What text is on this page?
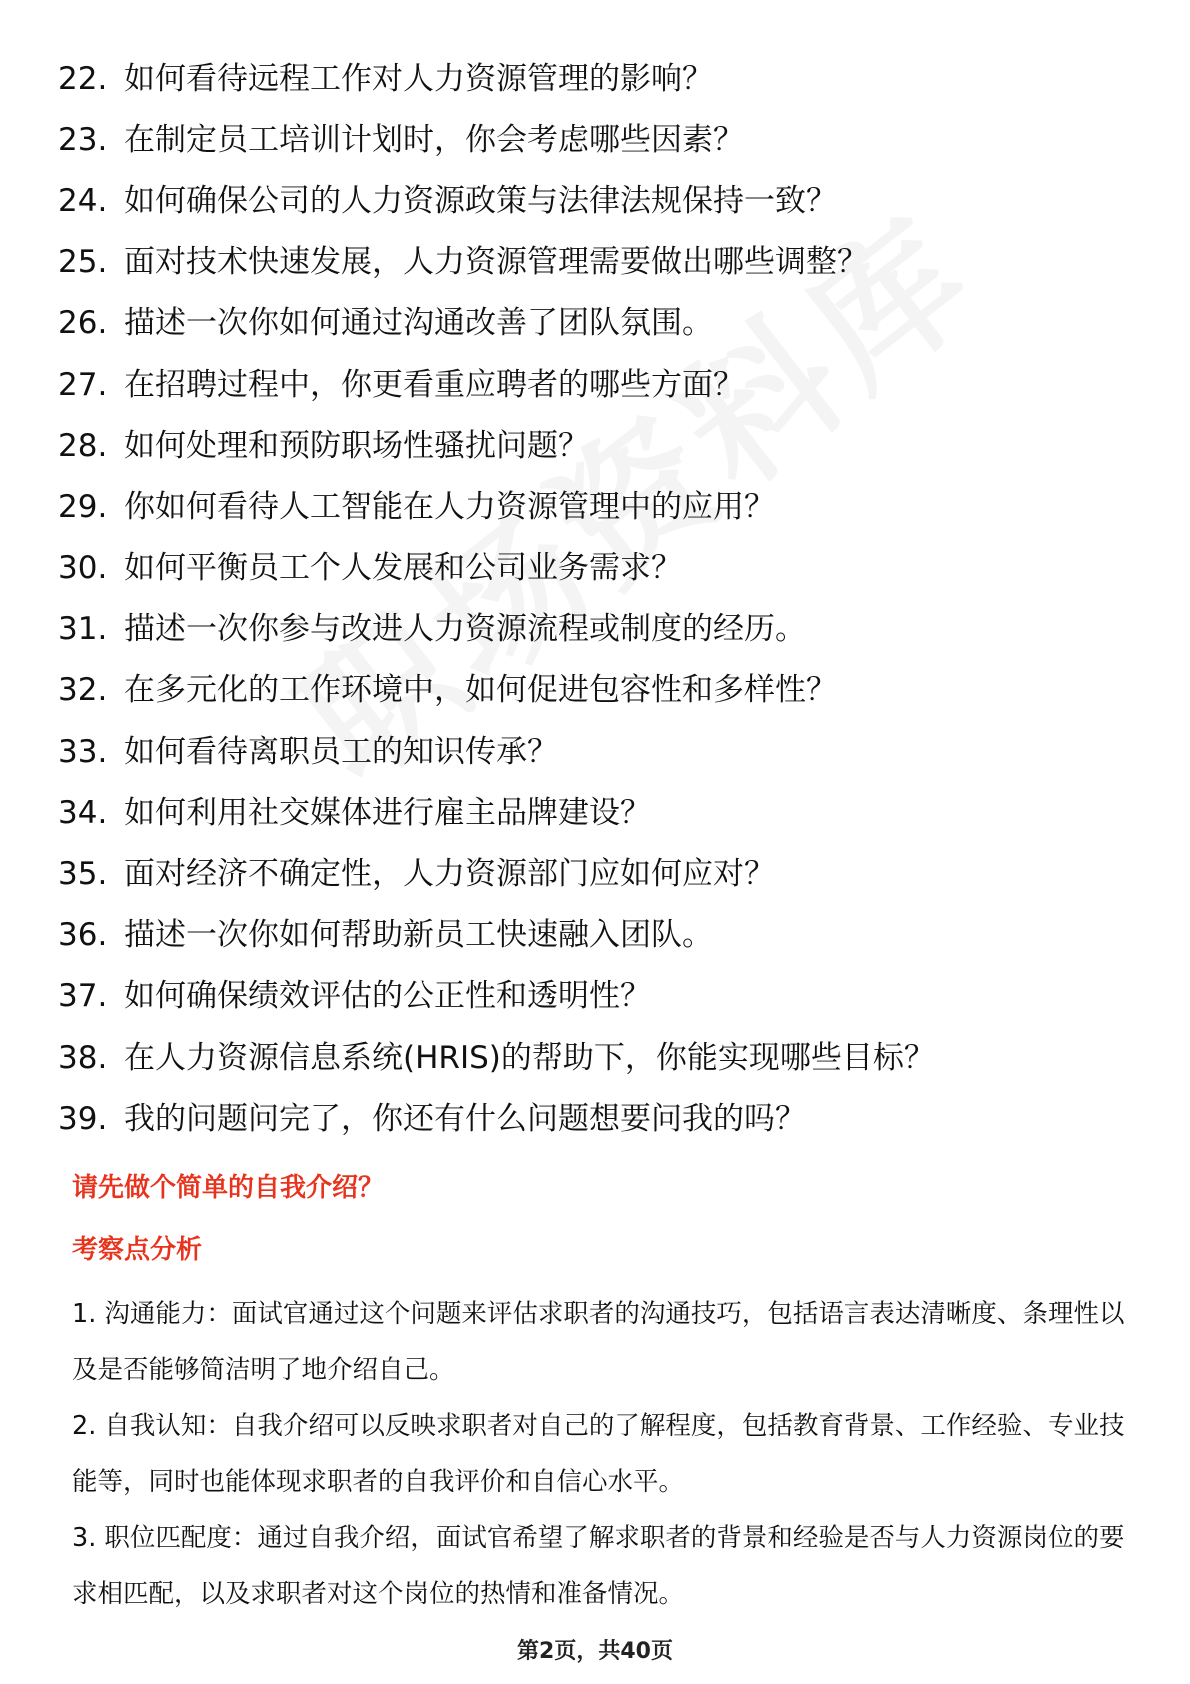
22. 如何看待远程工作对人力资源管理的影响？
23. 在制定员工培训计划时，你会考虑哪些因素？
24. 如何确保公司的人力资源政策与法律法规保持一致？
25. 面对技术快速发展，人力资源管理需要做出哪些调整？
26. 描述一次你如何通过沟通改善了团队氛围。
27. 在招聘过程中，你更看重应聘者的哪些方面？
28. 如何处理和预防职场性骚扰问题？
29. 你如何看待人工智能在人力资源管理中的应用？
30. 如何平衡员工个人发展和公司业务需求？
31. 描述一次你参与改进人力资源流程或制度的经历。
32. 在多元化的工作环境中，如何促进包容性和多样性？
33. 如何看待离职员工的知识传承？
34. 如何利用社交媒体进行雇主品牌建设？
35. 面对经济不确定性，人力资源部门应如何应对？
36. 描述一次你如何帮助新员工快速融入团队。
37. 如何确保绩效评估的公正性和透明性？
38. 在人力资源信息系统(HRIS)的帮助下，你能实现哪些目标？
39. 我的问题问完了，你还有什么问题想要问我的吗？
请先做个简单的自我介绍？
考察点分析

1. 沟通能力：面试官通过这个问题来评估求职者的沟通技巧，包括语言表达清晰度、条理性以及是否能够简洁明了地介绍自己。

2. 自我认知：自我介绍可以反映求职者对自己的了解程度，包括教育背景、工作经验、专业技能等，同时也能体现求职者的自我评价和自信心水平。

3. 职位匹配度：通过自我介绍，面试官希望了解求职者的背景和经验是否与人力资源岗位的要求相匹配，以及求职者对这个岗位的热情和准备情况。

第2页，共40页
